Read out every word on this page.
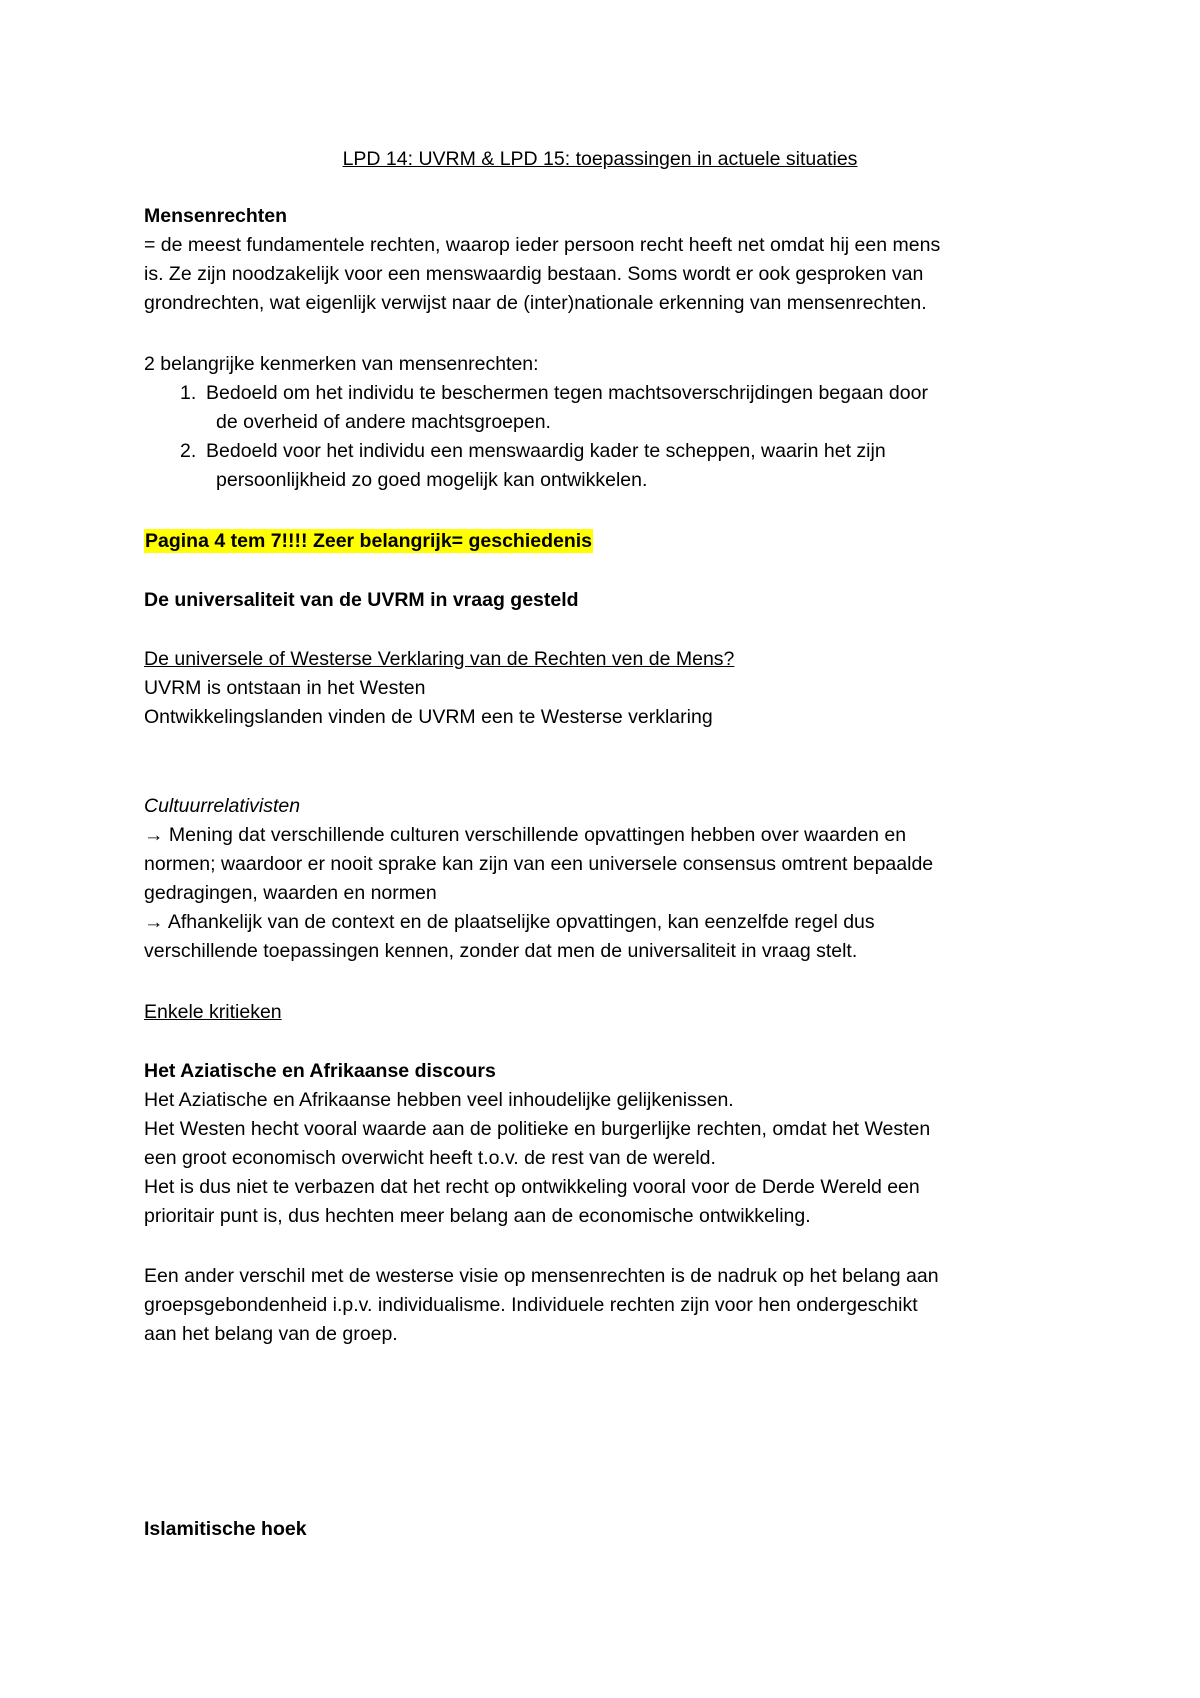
LPD 14: UVRM & LPD 15: toepassingen in actuele situaties
Mensenrechten
= de meest fundamentele rechten, waarop ieder persoon recht heeft net omdat hij een mens
is. Ze zijn noodzakelijk voor een menswaardig bestaan. Soms wordt er ook gesproken van
grondrechten, wat eigenlijk verwijst naar de (inter)nationale erkenning van mensenrechten.
2 belangrijke kenmerken van mensenrechten:
1. Bedoeld om het individu te beschermen tegen machtsoverschrijdingen begaan door
de overheid of andere machtsgroepen.
2. Bedoeld voor het individu een menswaardig kader te scheppen, waarin het zijn
persoonlijkheid zo goed mogelijk kan ontwikkelen.
Pagina 4 tem 7!!!! Zeer belangrijk= geschiedenis
De universaliteit van de UVRM in vraag gesteld
De universele of Westerse Verklaring van de Rechten ven de Mens?
UVRM is ontstaan in het Westen
Ontwikkelingslanden vinden de UVRM een te Westerse verklaring
Cultuurrelativisten
→ Mening dat verschillende culturen verschillende opvattingen hebben over waarden en
normen; waardoor er nooit sprake kan zijn van een universele consensus omtrent bepaalde
gedragingen, waarden en normen
→ Afhankelijk van de context en de plaatselijke opvattingen, kan eenzelfde regel dus
verschillende toepassingen kennen, zonder dat men de universaliteit in vraag stelt.
Enkele kritieken
Het Aziatische en Afrikaanse discours
Het Aziatische en Afrikaanse hebben veel inhoudelijke gelijkenissen.
Het Westen hecht vooral waarde aan de politieke en burgerlijke rechten, omdat het Westen
een groot economisch overwicht heeft t.o.v. de rest van de wereld.
Het is dus niet te verbazen dat het recht op ontwikkeling vooral voor de Derde Wereld een
prioritair punt is, dus hechten meer belang aan de economische ontwikkeling.
Een ander verschil met de westerse visie op mensenrechten is de nadruk op het belang aan
groepsgebondenheid i.p.v. individualisme. Individuele rechten zijn voor hen ondergeschikt
aan het belang van de groep.
Islamitische hoek
